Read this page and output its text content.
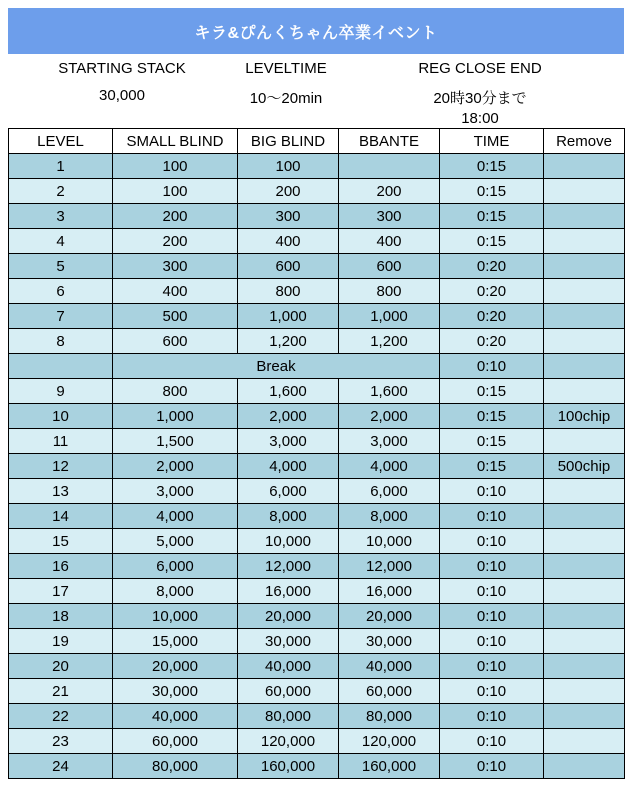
キラ&ぴんくちゃん卒業イベント
STARTING STACK
30,000
LEVELTIME
10〜20min
REG CLOSE END
20時30分まで
18:00
LEVEL	SMALL BLIND	BIG BLIND	BBANTE	TIME	Remove
1	100	100		0:15	
2	100	200	200	0:15	
3	200	300	300	0:15	
4	200	400	400	0:15	
5	300	600	600	0:20	
6	400	800	800	0:20	
7	500	1,000	1,000	0:20	
8	600	1,200	1,200	0:20	
	Break			0:10	
9	800	1,600	1,600	0:15	
10	1,000	2,000	2,000	0:15	100chip
11	1,500	3,000	3,000	0:15	
12	2,000	4,000	4,000	0:15	500chip
13	3,000	6,000	6,000	0:10	
14	4,000	8,000	8,000	0:10	
15	5,000	10,000	10,000	0:10	
16	6,000	12,000	12,000	0:10	
17	8,000	16,000	16,000	0:10	
18	10,000	20,000	20,000	0:10	
19	15,000	30,000	30,000	0:10	
20	20,000	40,000	40,000	0:10	
21	30,000	60,000	60,000	0:10	
22	40,000	80,000	80,000	0:10	
23	60,000	120,000	120,000	0:10	
24	80,000	160,000	160,000	0:10	
